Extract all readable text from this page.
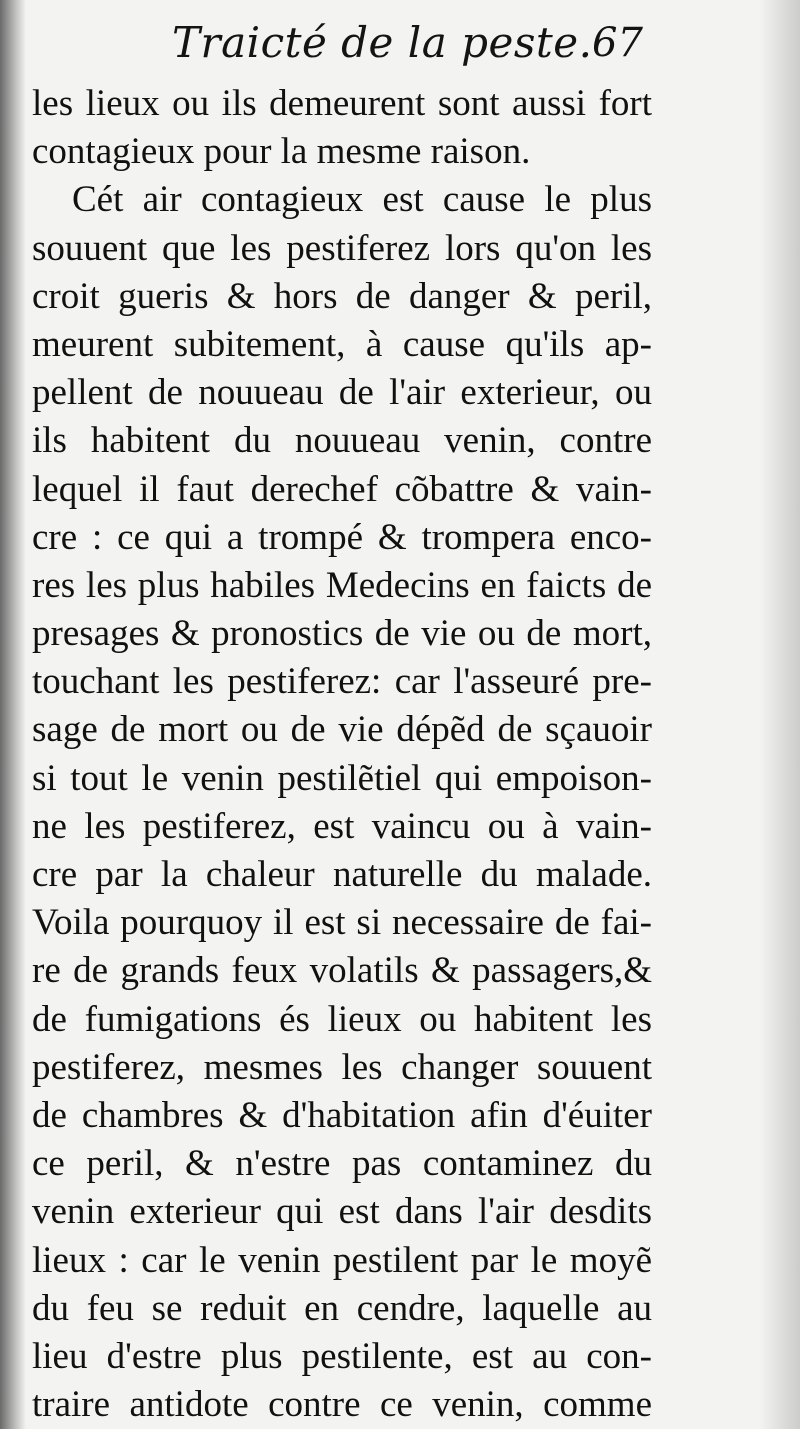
Traicté de la peste. 67
les lieux ou ils demeurent sont aussi fort
contagieux pour la mesme raison.
Cét air contagieux est cause le plus
souuent que les pestiferez lors qu'on les
croit gueris & hors de danger & peril,
meurent subitement, à cause qu'ils ap-
pellent de nouueau de l'air exterieur, ou
ils habitent du nouueau venin, contre
lequel il faut derechef cõbattre & vain-
cre : ce qui a trompé & trompera enco-
res les plus habiles Medecins en faicts de
presages & pronostics de vie ou de mort,
touchant les pestiferez: car l'asseuré pre-
sage de mort ou de vie dépẽd de sçauoir
si tout le venin pestilẽtiel qui empoison-
ne les pestiferez, est vaincu ou à vain-
cre par la chaleur naturelle du malade.
Voila pourquoy il est si necessaire de fai-
re de grands feux volatils & passagers,&
de fumigations és lieux ou habitent les
pestiferez, mesmes les changer souuent
de chambres & d'habitation afin d'éuiter
ce peril, & n'estre pas contaminez du
venin exterieur qui est dans l'air desdits
lieux : car le venin pestilent par le moyẽ
du feu se reduit en cendre, laquelle au
lieu d'estre plus pestilente, est au con-
traire antidote contre ce venin, comme
